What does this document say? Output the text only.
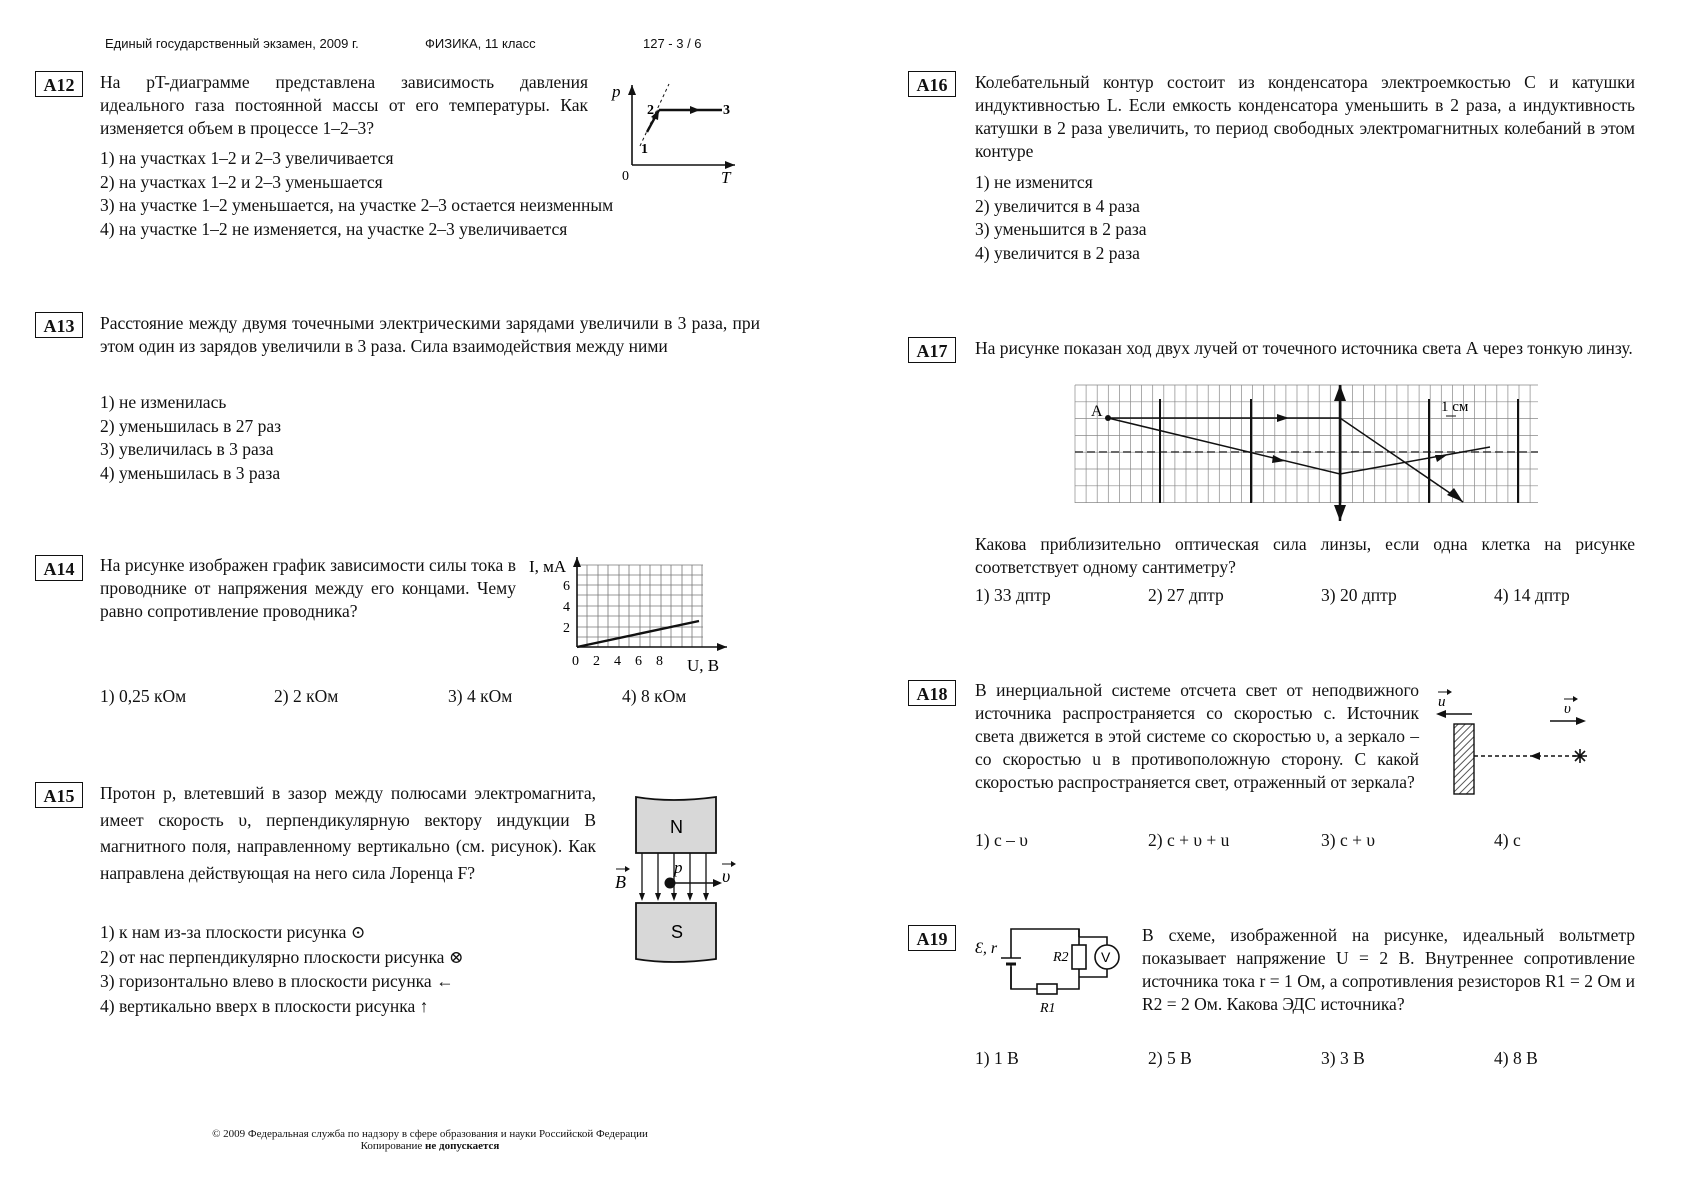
Единый государственный экзамен, 2009 г.	ФИЗИКА, 11 класс	127 - 3 / 6
A12	На pT-диаграмме представлена зависимость давления идеального газа постоянной массы от его температуры. Как изменяется объем в процессе 1–2–3?
1) на участках 1–2 и 2–3 увеличивается
2) на участках 1–2 и 2–3 уменьшается
3) на участке 1–2 уменьшается, на участке 2–3 остается неизменным
4) на участке 1–2 не изменяется, на участке 2–3 увеличивается
p
T
0
1
2	3
A13	Расстояние между двумя точечными электрическими зарядами увеличили в 3 раза, при этом один из зарядов увеличили в 3 раза. Сила взаимодействия между ними
1) не изменилась
2) уменьшилась в 27 раз
3) увеличилась в 3 раза
4) уменьшилась в 3 раза
A14	На рисунке изображен график зависимости силы тока в проводнике от напряжения между его концами. Чему равно сопротивление проводника?
I, мА
U, В
6
4
2
0 2 4 6 8
1) 0,25 кОм	2) 2 кОм	3) 4 кОм	4) 8 кОм
A15	Протон p, влетевший в зазор между полюсами электромагнита, имеет скорость υ, перпендикулярную вектору индукции B магнитного поля, направленному вертикально (см. рисунок). Как направлена действующая на него сила Лоренца F?
1) к нам из-за плоскости рисунка ⊙
2) от нас перпендикулярно плоскости рисунка ⊗
3) горизонтально влево в плоскости рисунка ←
4) вертикально вверх в плоскости рисунка ↑
N
S
p
B	υ
A16	Колебательный контур состоит из конденсатора электроемкостью C и катушки индуктивностью L. Если емкость конденсатора уменьшить в 2 раза, а индуктивность катушки в 2 раза увеличить, то период свободных электромагнитных колебаний в этом контуре
1) не изменится
2) увеличится в 4 раза
3) уменьшится в 2 раза
4) увеличится в 2 раза
A17	На рисунке показан ход двух лучей от точечного источника света А через тонкую линзу.
A	1 см
Какова приблизительно оптическая сила линзы, если одна клетка на рисунке соответствует одному сантиметру?
1) 33 дптр	2) 27 дптр	3) 20 дптр	4) 14 дптр
A18	В инерциальной системе отсчета свет от неподвижного источника распространяется со скоростью c. Источник света движется в этой системе со скоростью υ, а зеркало – со скоростью u в противоположную сторону. С какой скоростью распространяется свет, отраженный от зеркала?
u	υ
1) c – υ	2) c + υ + u	3) c + υ	4) c
A19	Ɛ, r
R2
R1
V
В схеме, изображенной на рисунке, идеальный вольтметр показывает напряжение U = 2 В. Внутреннее сопротивление источника тока r = 1 Ом, а сопротивления резисторов R1 = 2 Ом и R2 = 2 Ом. Какова ЭДС источника?
1) 1 В	2) 5 В	3) 3 В	4) 8 В
© 2009 Федеральная служба по надзору в сфере образования и науки Российской Федерации
Копирование не допускается
